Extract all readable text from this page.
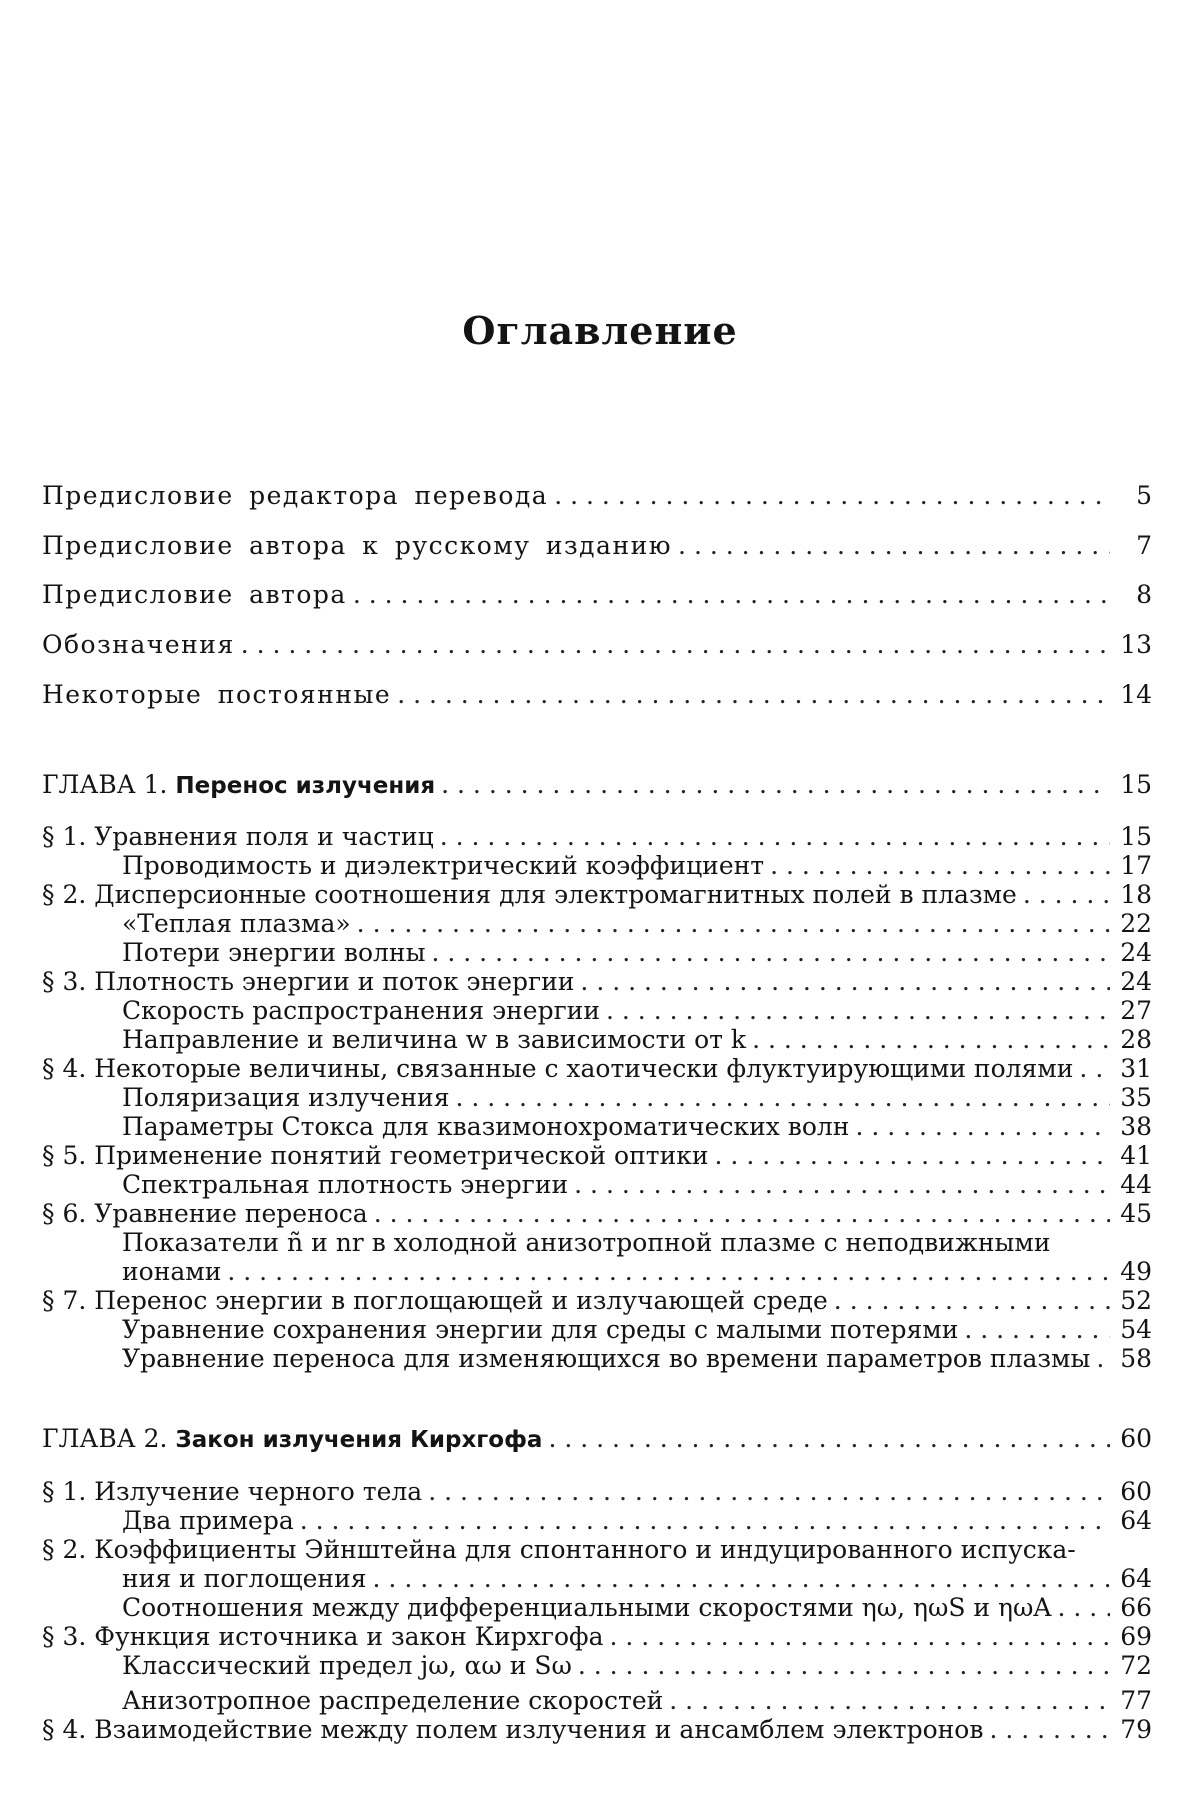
Оглавление
Предисловие редактора перевода . . .	5
Предисловие автора к русскому изданию . . .	7
Предисловие автора . . .	8
Обозначения . . .	13
Некоторые постоянные . . .	14
ГЛАВА 1. Перенос излучения . . .	15
§ 1. Уравнения поля и частиц . . .	15
Проводимость и диэлектрический коэффициент . . .	17
§ 2. Дисперсионные соотношения для электромагнитных полей в плазме . . .	18
«Теплая плазма» . . .	22
Потери энергии волны . . .	24
§ 3. Плотность энергии и поток энергии . . .	24
Скорость распространения энергии . . .	27
Направление и величина w в зависимости от k . . .	28
§ 4. Некоторые величины, связанные с хаотически флуктуирующими полями . . . 31
Поляризация излучения . . .	35
Параметры Стокса для квазимонохроматических волн . . .	38
§ 5. Применение понятий геометрической оптики . . .	41
Спектральная плотность энергии . . .	44
§ 6. Уравнение переноса . . .	45
Показатели ñ и nr в холодной анизотропной плазме с неподвижными
ионами . . .	49
§ 7. Перенос энергии в поглощающей и излучающей среде . . .	52
Уравнение сохранения энергии для среды с малыми потерями . . .	54
Уравнение переноса для изменяющихся во времени параметров плазмы . . . 58
ГЛАВА 2. Закон излучения Кирхгофа . . .	60
§ 1. Излучение черного тела . . .	60
Два примера . . .	64
§ 2. Коэффициенты Эйнштейна для спонтанного и индуцированного испуска-
ния и поглощения . . .	64
Соотношения между дифференциальными скоростями ηω, ηωS и ηωA . . .	66
§ 3. Функция источника и закон Кирхгофа . . .	69
Классический предел jω, αω и Sω . . .	72
Анизотропное распределение скоростей . . .	77
§ 4. Взаимодействие между полем излучения и ансамблем электронов . . .	79
